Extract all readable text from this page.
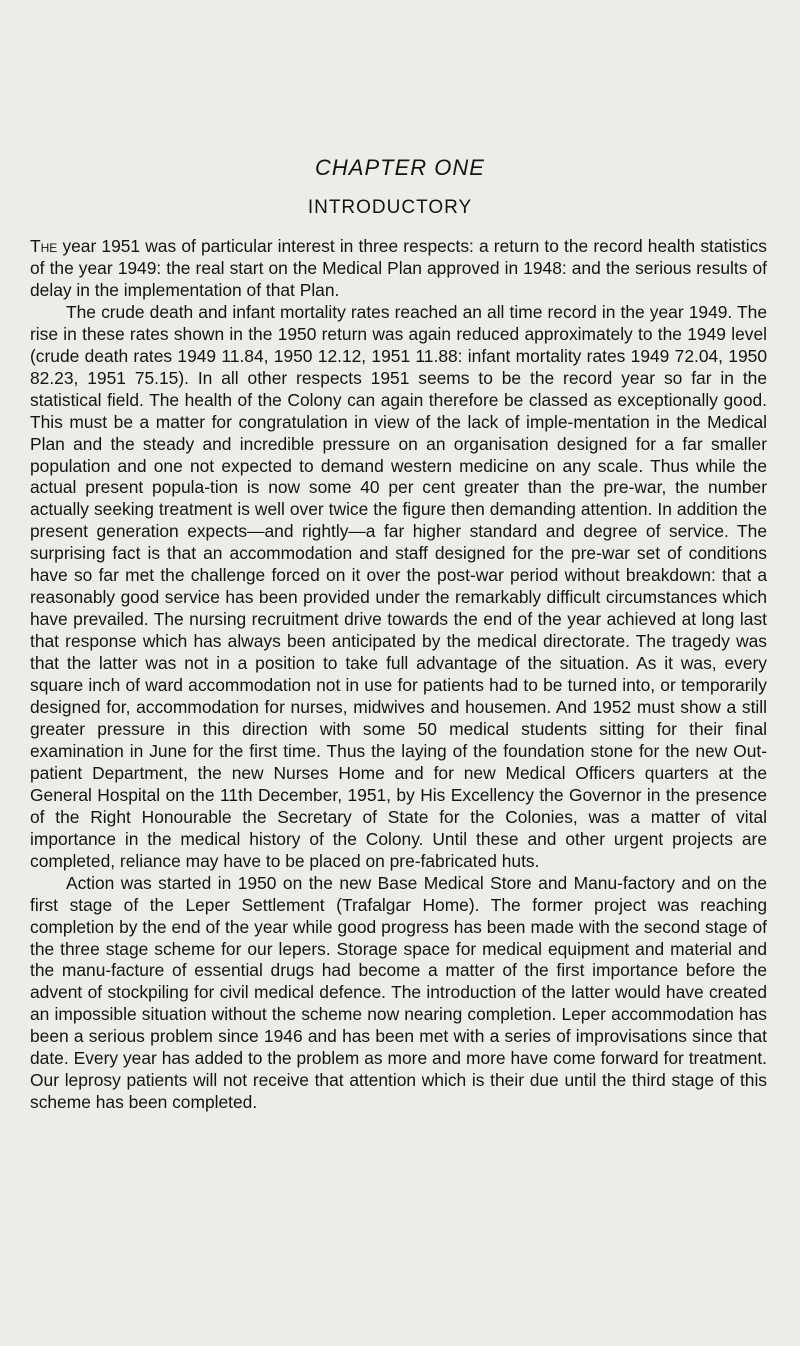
CHAPTER ONE
INTRODUCTORY

The year 1951 was of particular interest in three respects: a return to the record health statistics of the year 1949: the real start on the Medical Plan approved in 1948: and the serious results of delay in the implementation of that Plan.

The crude death and infant mortality rates reached an all time record in the year 1949. The rise in these rates shown in the 1950 return was again reduced approximately to the 1949 level (crude death rates 1949 11.84, 1950 12.12, 1951 11.88: infant mortality rates 1949 72.04, 1950 82.23, 1951 75.15). In all other respects 1951 seems to be the record year so far in the statistical field. The health of the Colony can again therefore be classed as exceptionally good. This must be a matter for congratulation in view of the lack of imple-mentation in the Medical Plan and the steady and incredible pressure on an organisation designed for a far smaller population and one not expected to demand western medicine on any scale. Thus while the actual present popula-tion is now some 40 per cent greater than the pre-war, the number actually seeking treatment is well over twice the figure then demanding attention. In addition the present generation expects—and rightly—a far higher standard and degree of service. The surprising fact is that an accommodation and staff designed for the pre-war set of conditions have so far met the challenge forced on it over the post-war period without breakdown: that a reasonably good service has been provided under the remarkably difficult circumstances which have prevailed. The nursing recruitment drive towards the end of the year achieved at long last that response which has always been anticipated by the medical directorate. The tragedy was that the latter was not in a position to take full advantage of the situation. As it was, every square inch of ward accommodation not in use for patients had to be turned into, or temporarily designed for, accommodation for nurses, midwives and housemen. And 1952 must show a still greater pressure in this direction with some 50 medical students sitting for their final examination in June for the first time. Thus the laying of the foundation stone for the new Out-patient Department, the new Nurses Home and for new Medical Officers quarters at the General Hospital on the 11th December, 1951, by His Excellency the Governor in the presence of the Right Honourable the Secretary of State for the Colonies, was a matter of vital importance in the medical history of the Colony. Until these and other urgent projects are completed, reliance may have to be placed on pre-fabricated huts.

Action was started in 1950 on the new Base Medical Store and Manu-factory and on the first stage of the Leper Settlement (Trafalgar Home). The former project was reaching completion by the end of the year while good progress has been made with the second stage of the three stage scheme for our lepers. Storage space for medical equipment and material and the manu-facture of essential drugs had become a matter of the first importance before the advent of stockpiling for civil medical defence. The introduction of the latter would have created an impossible situation without the scheme now nearing completion. Leper accommodation has been a serious problem since 1946 and has been met with a series of improvisations since that date. Every year has added to the problem as more and more have come forward for treatment. Our leprosy patients will not receive that attention which is their due until the third stage of this scheme has been completed.
